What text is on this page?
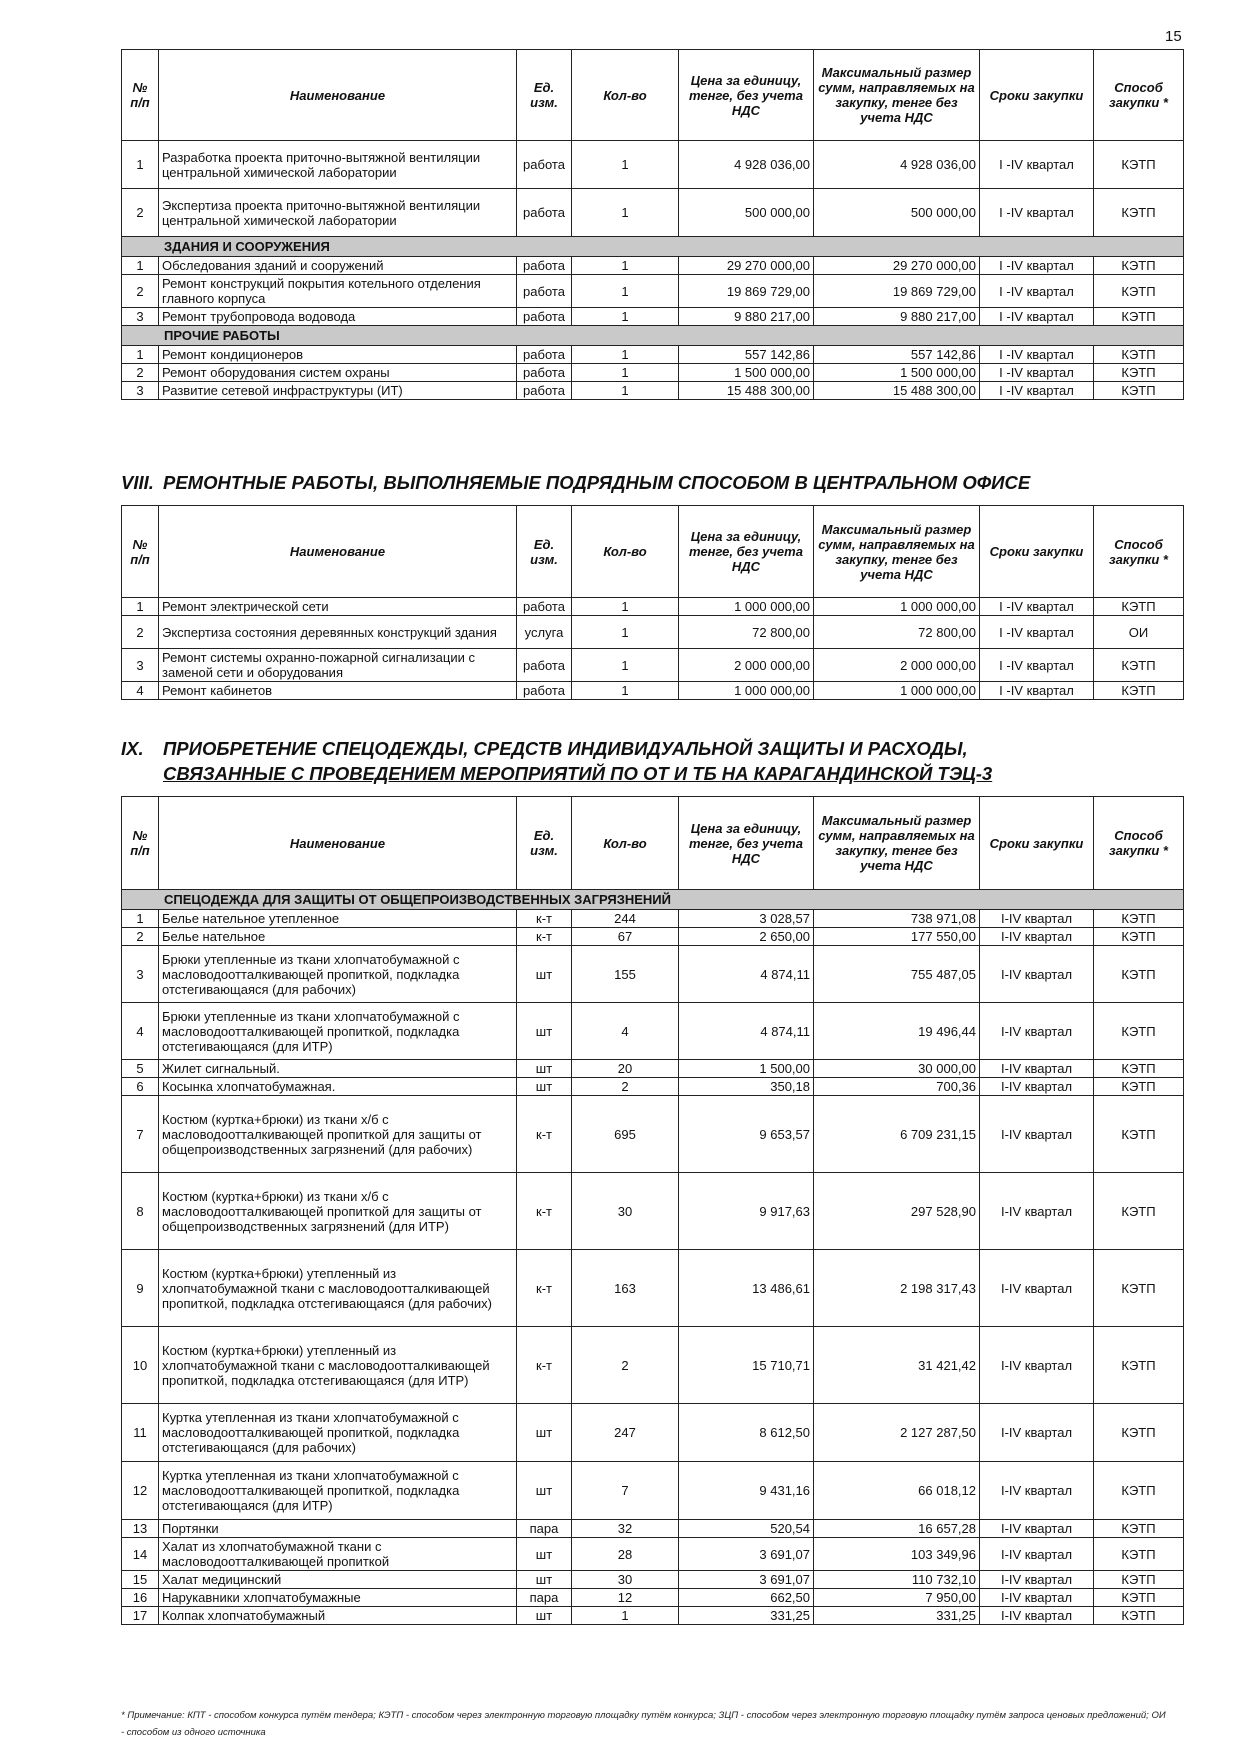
15
№ п/п	Наименование	Ед. изм.	Кол-во	Цена за единицу, тенге, без учета НДС	Максимальный размер сумм, направляемых на закупку, тенге без учета НДС	Сроки закупки	Способ закупки *
1	Разработка проекта приточно-вытяжной вентиляции центральной химической лаборатории	работа	1	4 928 036,00	4 928 036,00	I -IV квартал	КЭТП
2	Экспертиза проекта приточно-вытяжной вентиляции центральной химической лаборатории	работа	1	500 000,00	500 000,00	I -IV квартал	КЭТП
ЗДАНИЯ И СООРУЖЕНИЯ							
1	Обследования зданий и сооружений	работа	1	29 270 000,00	29 270 000,00	I -IV квартал	КЭТП
2	Ремонт конструкций покрытия котельного отделения главного корпуса	работа	1	19 869 729,00	19 869 729,00	I -IV квартал	КЭТП
3	Ремонт трубопровода водовода	работа	1	9 880 217,00	9 880 217,00	I -IV квартал	КЭТП
ПРОЧИЕ РАБОТЫ							
1	Ремонт кондиционеров	работа	1	557 142,86	557 142,86	I -IV квартал	КЭТП
2	Ремонт оборудования систем охраны	работа	1	1 500 000,00	1 500 000,00	I -IV квартал	КЭТП
3	Развитие сетевой инфраструктуры (ИТ)	работа	1	15 488 300,00	15 488 300,00	I -IV квартал	КЭТП
VIII. РЕМОНТНЫЕ РАБОТЫ, ВЫПОЛНЯЕМЫЕ ПОДРЯДНЫМ СПОСОБОМ В ЦЕНТРАЛЬНОМ ОФИСЕ
№ п/п	Наименование	Ед. изм.	Кол-во	Цена за единицу, тенге, без учета НДС	Максимальный размер сумм, направляемых на закупку, тенге без учета НДС	Сроки закупки	Способ закупки *
1	Ремонт электрической сети	работа	1	1 000 000,00	1 000 000,00	I -IV квартал	КЭТП
2	Экспертиза состояния деревянных конструкций здания	услуга	1	72 800,00	72 800,00	I -IV квартал	ОИ
3	Ремонт системы охранно-пожарной сигнализации с заменой сети и оборудования	работа	1	2 000 000,00	2 000 000,00	I -IV квартал	КЭТП
4	Ремонт кабинетов	работа	1	1 000 000,00	1 000 000,00	I -IV квартал	КЭТП
IX. ПРИОБРЕТЕНИЕ СПЕЦОДЕЖДЫ, СРЕДСТВ ИНДИВИДУАЛЬНОЙ ЗАЩИТЫ И РАСХОДЫ,
СВЯЗАННЫЕ С ПРОВЕДЕНИЕМ МЕРОПРИЯТИЙ ПО ОТ И ТБ НА КАРАГАНДИНСКОЙ ТЭЦ-3
№ п/п	Наименование	Ед. изм.	Кол-во	Цена за единицу, тенге, без учета НДС	Максимальный размер сумм, направляемых на закупку, тенге без учета НДС	Сроки закупки	Способ закупки *
СПЕЦОДЕЖДА ДЛЯ ЗАЩИТЫ ОТ ОБЩЕПРОИЗВОДСТВЕННЫХ ЗАГРЯЗНЕНИЙ							
1	Белье нательное утепленное	к-т	244	3 028,57	738 971,08	I-IV квартал	КЭТП
2	Белье нательное	к-т	67	2 650,00	177 550,00	I-IV квартал	КЭТП
3	Брюки утепленные из ткани хлопчатобумажной с масловодоотталкивающей пропиткой, подкладка отстегивающаяся (для рабочих)	шт	155	4 874,11	755 487,05	I-IV квартал	КЭТП
4	Брюки утепленные из ткани хлопчатобумажной с масловодоотталкивающей пропиткой, подкладка отстегивающаяся (для ИТР)	шт	4	4 874,11	19 496,44	I-IV квартал	КЭТП
5	Жилет сигнальный.	шт	20	1 500,00	30 000,00	I-IV квартал	КЭТП
6	Косынка хлопчатобумажная.	шт	2	350,18	700,36	I-IV квартал	КЭТП
7	Костюм (куртка+брюки) из ткани х/б с масловодоотталкивающей пропиткой для защиты от общепроизводственных загрязнений (для рабочих)	к-т	695	9 653,57	6 709 231,15	I-IV квартал	КЭТП
8	Костюм (куртка+брюки) из ткани х/б с масловодоотталкивающей пропиткой для защиты от общепроизводственных загрязнений (для ИТР)	к-т	30	9 917,63	297 528,90	I-IV квартал	КЭТП
9	Костюм (куртка+брюки) утепленный из хлопчатобумажной ткани с масловодоотталкивающей пропиткой, подкладка отстегивающаяся (для рабочих)	к-т	163	13 486,61	2 198 317,43	I-IV квартал	КЭТП
10	Костюм (куртка+брюки) утепленный из хлопчатобумажной ткани с масловодоотталкивающей пропиткой, подкладка отстегивающаяся (для ИТР)	к-т	2	15 710,71	31 421,42	I-IV квартал	КЭТП
11	Куртка утепленная из ткани хлопчатобумажной с масловодоотталкивающей пропиткой, подкладка отстегивающаяся (для рабочих)	шт	247	8 612,50	2 127 287,50	I-IV квартал	КЭТП
12	Куртка утепленная из ткани хлопчатобумажной с масловодоотталкивающей пропиткой, подкладка отстегивающаяся (для ИТР)	шт	7	9 431,16	66 018,12	I-IV квартал	КЭТП
13	Портянки	пара	32	520,54	16 657,28	I-IV квартал	КЭТП
14	Халат из хлопчатобумажной ткани с масловодоотталкивающей пропиткой	шт	28	3 691,07	103 349,96	I-IV квартал	КЭТП
15	Халат медицинский	шт	30	3 691,07	110 732,10	I-IV квартал	КЭТП
16	Нарукавники хлопчатобумажные	пара	12	662,50	7 950,00	I-IV квартал	КЭТП
17	Колпак хлопчатобумажный	шт	1	331,25	331,25	I-IV квартал	КЭТП
* Примечание: КПТ - способом конкурса путём тендера; КЭТП - способом через электронную торговую площадку путём конкурса; ЗЦП - способом через электронную торговую площадку путём запроса ценовых предложений; ОИ - способом из одного источника
